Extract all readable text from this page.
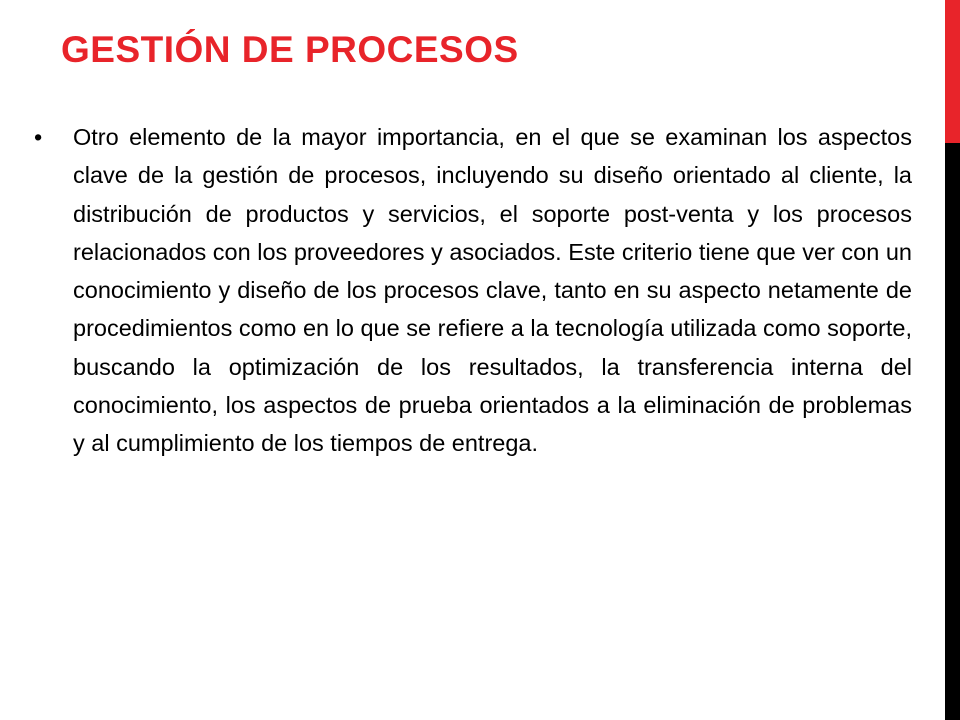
GESTIÓN DE PROCESOS
• Otro elemento de la mayor importancia, en el que se examinan los aspectos clave de la gestión de procesos, incluyendo su diseño orientado al cliente, la distribución de productos y servicios, el soporte post-venta y los procesos relacionados con los proveedores y asociados. Este criterio tiene que ver con un conocimiento y diseño de los procesos clave, tanto en su aspecto netamente de procedimientos como en lo que se refiere a la tecnología utilizada como soporte, buscando la optimización de los resultados, la transferencia interna del conocimiento, los aspectos de prueba orientados a la eliminación de problemas y al cumplimiento de los tiempos de entrega.
